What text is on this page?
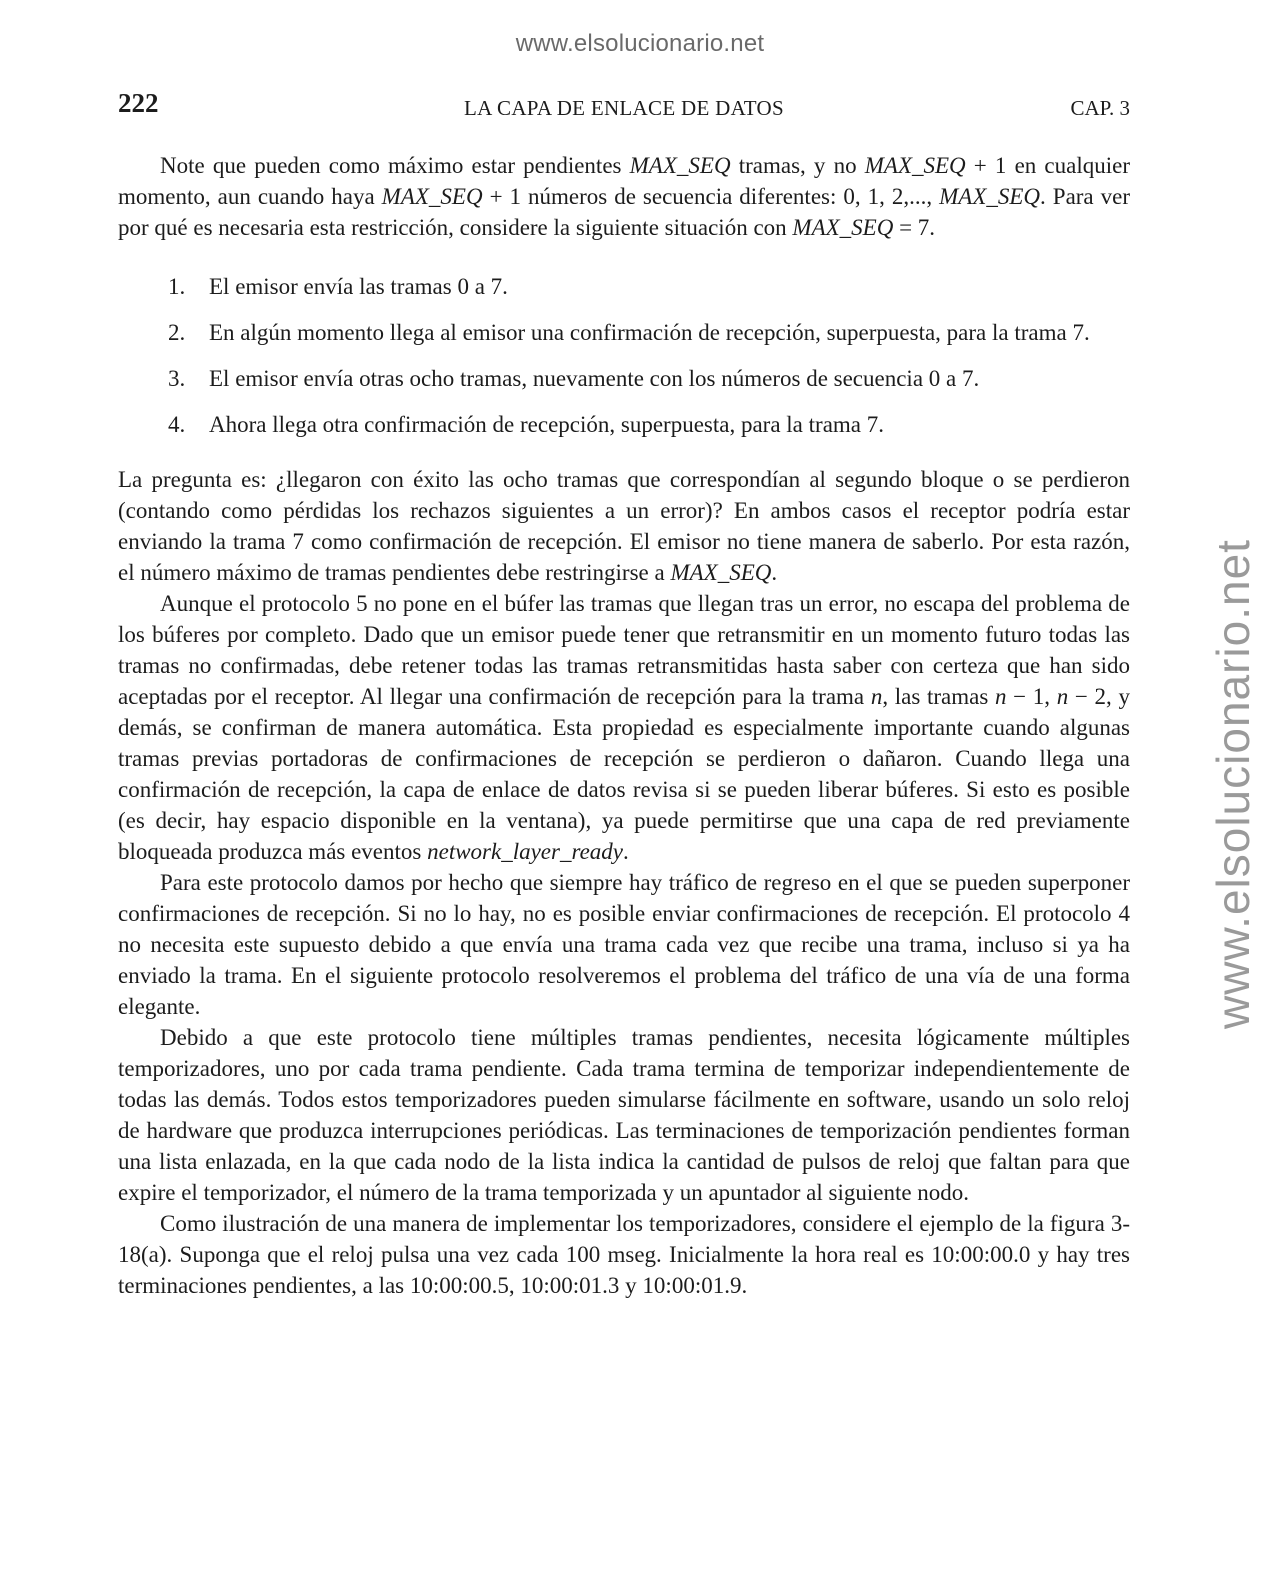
www.elsolucionario.net
www.elsolucionario.net
222	LA CAPA DE ENLACE DE DATOS	CAP. 3

Note que pueden como máximo estar pendientes MAX_SEQ tramas, y no MAX_SEQ + 1 en cualquier momento, aun cuando haya MAX_SEQ + 1 números de secuencia diferentes: 0, 1, 2,..., MAX_SEQ. Para ver por qué es necesaria esta restricción, considere la siguiente situación con MAX_SEQ = 7.

1. El emisor envía las tramas 0 a 7.
2. En algún momento llega al emisor una confirmación de recepción, superpuesta, para la trama 7.
3. El emisor envía otras ocho tramas, nuevamente con los números de secuencia 0 a 7.
4. Ahora llega otra confirmación de recepción, superpuesta, para la trama 7.

La pregunta es: ¿llegaron con éxito las ocho tramas que correspondían al segundo bloque o se perdieron (contando como pérdidas los rechazos siguientes a un error)? En ambos casos el receptor podría estar enviando la trama 7 como confirmación de recepción. El emisor no tiene manera de saberlo. Por esta razón, el número máximo de tramas pendientes debe restringirse a MAX_SEQ.

Aunque el protocolo 5 no pone en el búfer las tramas que llegan tras un error, no escapa del problema de los búferes por completo. Dado que un emisor puede tener que retransmitir en un momento futuro todas las tramas no confirmadas, debe retener todas las tramas retransmitidas hasta saber con certeza que han sido aceptadas por el receptor. Al llegar una confirmación de recepción para la trama n, las tramas n − 1, n − 2, y demás, se confirman de manera automática. Esta propiedad es especialmente importante cuando algunas tramas previas portadoras de confirmaciones de recepción se perdieron o dañaron. Cuando llega una confirmación de recepción, la capa de enlace de datos revisa si se pueden liberar búferes. Si esto es posible (es decir, hay espacio disponible en la ventana), ya puede permitirse que una capa de red previamente bloqueada produzca más eventos network_layer_ready.

Para este protocolo damos por hecho que siempre hay tráfico de regreso en el que se pueden superponer confirmaciones de recepción. Si no lo hay, no es posible enviar confirmaciones de recepción. El protocolo 4 no necesita este supuesto debido a que envía una trama cada vez que recibe una trama, incluso si ya ha enviado la trama. En el siguiente protocolo resolveremos el problema del tráfico de una vía de una forma elegante.

Debido a que este protocolo tiene múltiples tramas pendientes, necesita lógicamente múltiples temporizadores, uno por cada trama pendiente. Cada trama termina de temporizar independientemente de todas las demás. Todos estos temporizadores pueden simularse fácilmente en software, usando un solo reloj de hardware que produzca interrupciones periódicas. Las terminaciones de temporización pendientes forman una lista enlazada, en la que cada nodo de la lista indica la cantidad de pulsos de reloj que faltan para que expire el temporizador, el número de la trama temporizada y un apuntador al siguiente nodo.

Como ilustración de una manera de implementar los temporizadores, considere el ejemplo de la figura 3-18(a). Suponga que el reloj pulsa una vez cada 100 mseg. Inicialmente la hora real es 10:00:00.0 y hay tres terminaciones pendientes, a las 10:00:00.5, 10:00:01.3 y 10:00:01.9.
